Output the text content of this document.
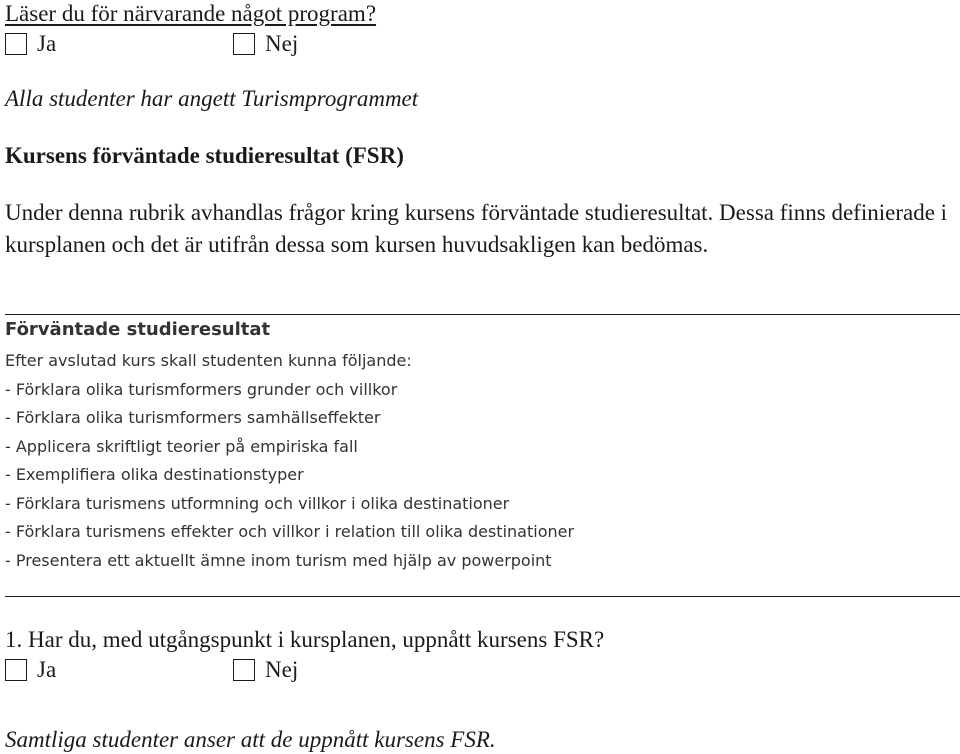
Läser du för närvarande något program?
Ja	Nej
Alla studenter har angett Turismprogrammet
Kursens förväntade studieresultat (FSR)

Under denna rubrik avhandlas frågor kring kursens förväntade studieresultat. Dessa finns definierade i kursplanen och det är utifrån dessa som kursen huvudsakligen kan bedömas.

Förväntade studieresultat
Efter avslutad kurs skall studenten kunna följande:
- Förklara olika turismformers grunder och villkor
- Förklara olika turismformers samhällseffekter
- Applicera skriftligt teorier på empiriska fall
- Exemplifiera olika destinationstyper
- Förklara turismens utformning och villkor i olika destinationer
- Förklara turismens effekter och villkor i relation till olika destinationer
- Presentera ett aktuellt ämne inom turism med hjälp av powerpoint
1. Har du, med utgångspunkt i kursplanen, uppnått kursens FSR?
Ja	Nej
Samtliga studenter anser att de uppnått kursens FSR.
